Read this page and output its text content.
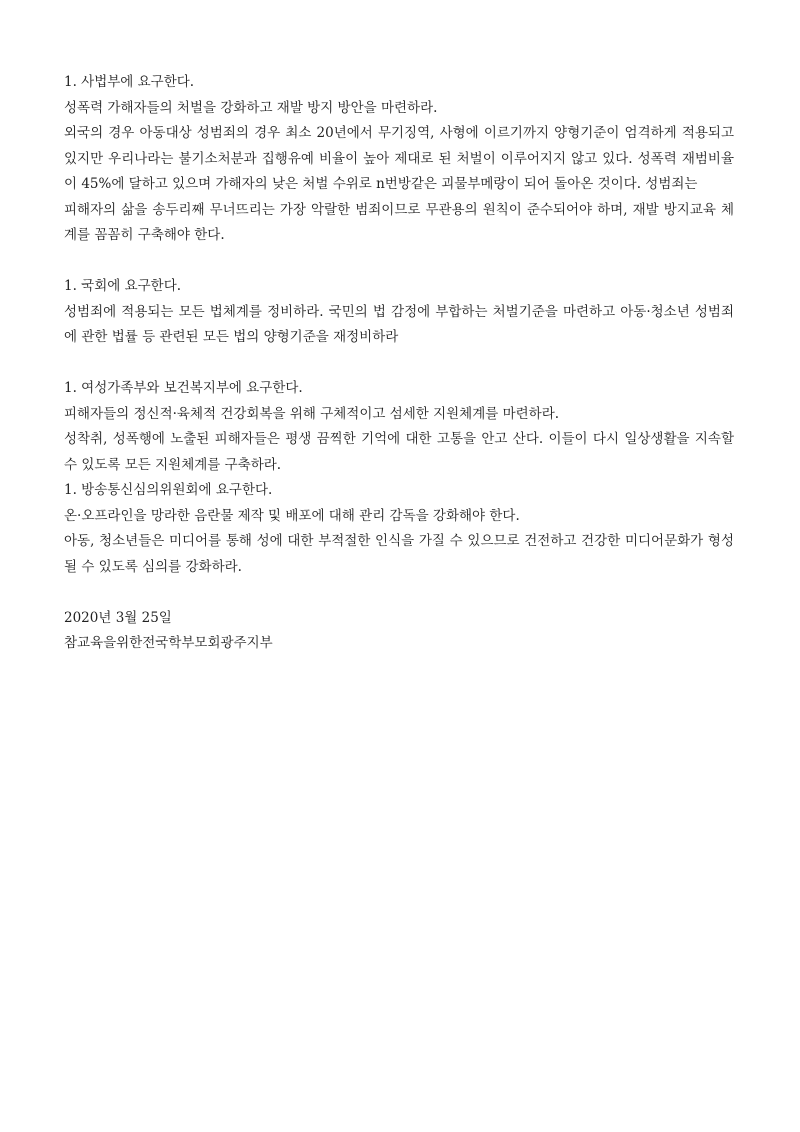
1. 사법부에 요구한다.

성폭력 가해자들의 처벌을 강화하고 재발 방지 방안을 마련하라.

외국의 경우 아동대상 성범죄의 경우 최소 20년에서 무기징역, 사형에 이르기까지 양형기준이 엄격하게 적용되고 있지만 우리나라는 불기소처분과 집행유예 비율이 높아 제대로 된 처벌이 이루어지지 않고 있다. 성폭력 재범비율이 45%에 달하고 있으며 가해자의 낮은 처벌 수위로 n번방같은 괴물부메랑이 되어 돌아온 것이다. 성범죄는

피해자의 삶을 송두리째 무너뜨리는 가장 악랄한 범죄이므로 무관용의 원칙이 준수되어야 하며, 재발 방지교육 체계를 꼼꼼히 구축해야 한다.

1. 국회에 요구한다.

성범죄에 적용되는 모든 법체계를 정비하라. 국민의 법 감정에 부합하는 처벌기준을 마련하고 아동·청소년 성범죄에 관한 법률 등 관련된 모든 법의 양형기준을 재정비하라

1. 여성가족부와 보건복지부에 요구한다.

피해자들의 정신적·육체적 건강회복을 위해 구체적이고 섬세한 지원체계를 마련하라.

성착취, 성폭행에 노출된 피해자들은 평생 끔찍한 기억에 대한 고통을 안고 산다. 이들이 다시 일상생활을 지속할 수 있도록 모든 지원체계를 구축하라.

1. 방송통신심의위원회에 요구한다.

온·오프라인을 망라한 음란물 제작 및 배포에 대해 관리 감독을 강화해야 한다.

아동, 청소년들은 미디어를 통해 성에 대한 부적절한 인식을 가질 수 있으므로 건전하고 건강한 미디어문화가 형성될 수 있도록 심의를 강화하라.

2020년 3월 25일
참교육을위한전국학부모회광주지부
